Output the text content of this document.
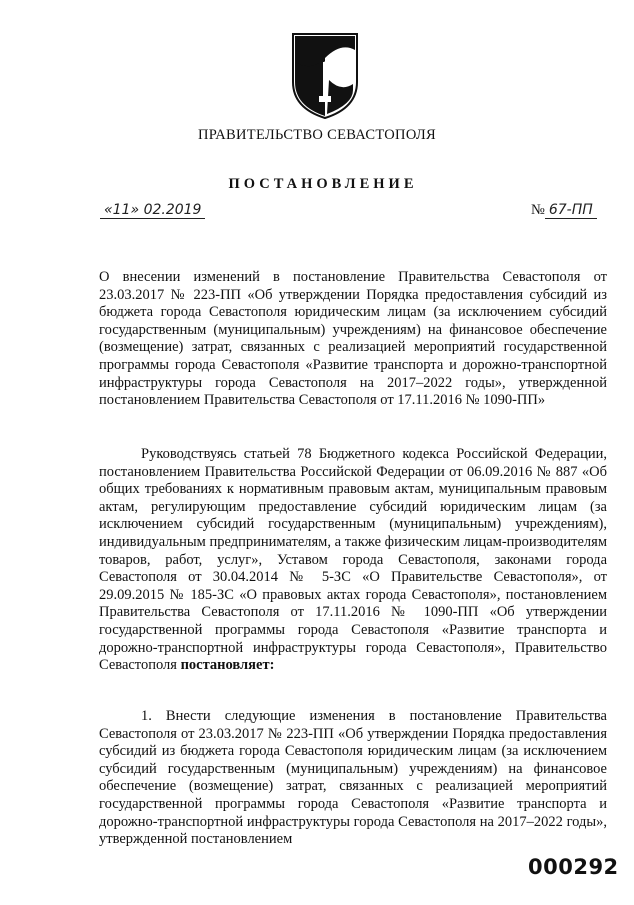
ПРАВИТЕЛЬСТВО СЕВАСТОПОЛЯ
ПОСТАНОВЛЕНИЕ
«11» 02.2019	№ 67-ПП
О внесении изменений в постановление Правительства Севастополя от 23.03.2017 № 223-ПП «Об утверждении Порядка предоставления субсидий из бюджета города Севастополя юридическим лицам (за исключением субсидий государственным (муниципальным) учреждениям) на финансовое обеспечение (возмещение) затрат, связанных с реализацией мероприятий государственной программы города Севастополя «Развитие транспорта и дорожно-транспортной инфраструктуры города Севастополя на 2017–2022 годы», утвержденной постановлением Правительства Севастополя от 17.11.2016 № 1090-ПП»
Руководствуясь статьей 78 Бюджетного кодекса Российской Федерации, постановлением Правительства Российской Федерации от 06.09.2016 № 887 «Об общих требованиях к нормативным правовым актам, муниципальным правовым актам, регулирующим предоставление субсидий юридическим лицам (за исключением субсидий государственным (муниципальным) учреждениям), индивидуальным предпринимателям, а также физическим лицам-производителям товаров, работ, услуг», Уставом города Севастополя, законами города Севастополя от 30.04.2014 № 5-ЗС «О Правительстве Севастополя», от 29.09.2015 № 185-ЗС «О правовых актах города Севастополя», постановлением Правительства Севастополя от 17.11.2016 № 1090-ПП «Об утверждении государственной программы города Севастополя «Развитие транспорта и дорожно-транспортной инфраструктуры города Севастополя», Правительство Севастополя постановляет:
1. Внести следующие изменения в постановление Правительства Севастополя от 23.03.2017 № 223-ПП «Об утверждении Порядка предоставления субсидий из бюджета города Севастополя юридическим лицам (за исключением субсидий государственным (муниципальным) учреждениям) на финансовое обеспечение (возмещение) затрат, связанных с реализацией мероприятий государственной программы города Севастополя «Развитие транспорта и дорожно-транспортной инфраструктуры города Севастополя на 2017–2022 годы», утвержденной постановлением
000292
